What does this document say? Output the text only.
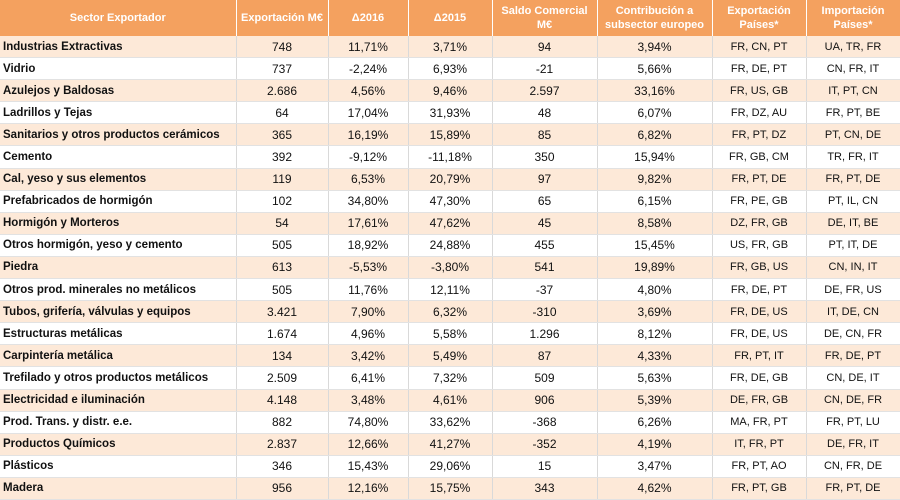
Sector Exportador	Exportación M€	Δ2016	Δ2015	Saldo Comercial M€	Contribución a subsector europeo	Exportación Países*	Importación Países*
Industrias Extractivas	748	11,71%	3,71%	94	3,94%	FR, CN, PT	UA, TR, FR
Vidrio	737	-2,24%	6,93%	-21	5,66%	FR, DE, PT	CN, FR, IT
Azulejos y Baldosas	2.686	4,56%	9,46%	2.597	33,16%	FR, US, GB	IT, PT, CN
Ladrillos y Tejas	64	17,04%	31,93%	48	6,07%	FR, DZ, AU	FR, PT, BE
Sanitarios y otros productos cerámicos	365	16,19%	15,89%	85	6,82%	FR, PT, DZ	PT, CN, DE
Cemento	392	-9,12%	-11,18%	350	15,94%	FR, GB, CM	TR, FR, IT
Cal, yeso y sus elementos	119	6,53%	20,79%	97	9,82%	FR, PT, DE	FR, PT, DE
Prefabricados de hormigón	102	34,80%	47,30%	65	6,15%	FR, PE, GB	PT, IL, CN
Hormigón y Morteros	54	17,61%	47,62%	45	8,58%	DZ, FR, GB	DE, IT, BE
Otros hormigón, yeso y cemento	505	18,92%	24,88%	455	15,45%	US, FR, GB	PT, IT, DE
Piedra	613	-5,53%	-3,80%	541	19,89%	FR, GB, US	CN, IN, IT
Otros prod. minerales no metálicos	505	11,76%	12,11%	-37	4,80%	FR, DE, PT	DE, FR, US
Tubos, grifería, válvulas y equipos	3.421	7,90%	6,32%	-310	3,69%	FR, DE, US	IT, DE, CN
Estructuras metálicas	1.674	4,96%	5,58%	1.296	8,12%	FR, DE, US	DE, CN, FR
Carpintería metálica	134	3,42%	5,49%	87	4,33%	FR, PT, IT	FR, DE, PT
Trefilado y otros productos metálicos	2.509	6,41%	7,32%	509	5,63%	FR, DE, GB	CN, DE, IT
Electricidad e iluminación	4.148	3,48%	4,61%	906	5,39%	DE, FR, GB	CN, DE, FR
Prod. Trans. y distr. e.e.	882	74,80%	33,62%	-368	6,26%	MA, FR, PT	FR, PT, LU
Productos Químicos	2.837	12,66%	41,27%	-352	4,19%	IT, FR, PT	DE, FR, IT
Plásticos	346	15,43%	29,06%	15	3,47%	FR, PT, AO	CN, FR, DE
Madera	956	12,16%	15,75%	343	4,62%	FR, PT, GB	FR, PT, DE
